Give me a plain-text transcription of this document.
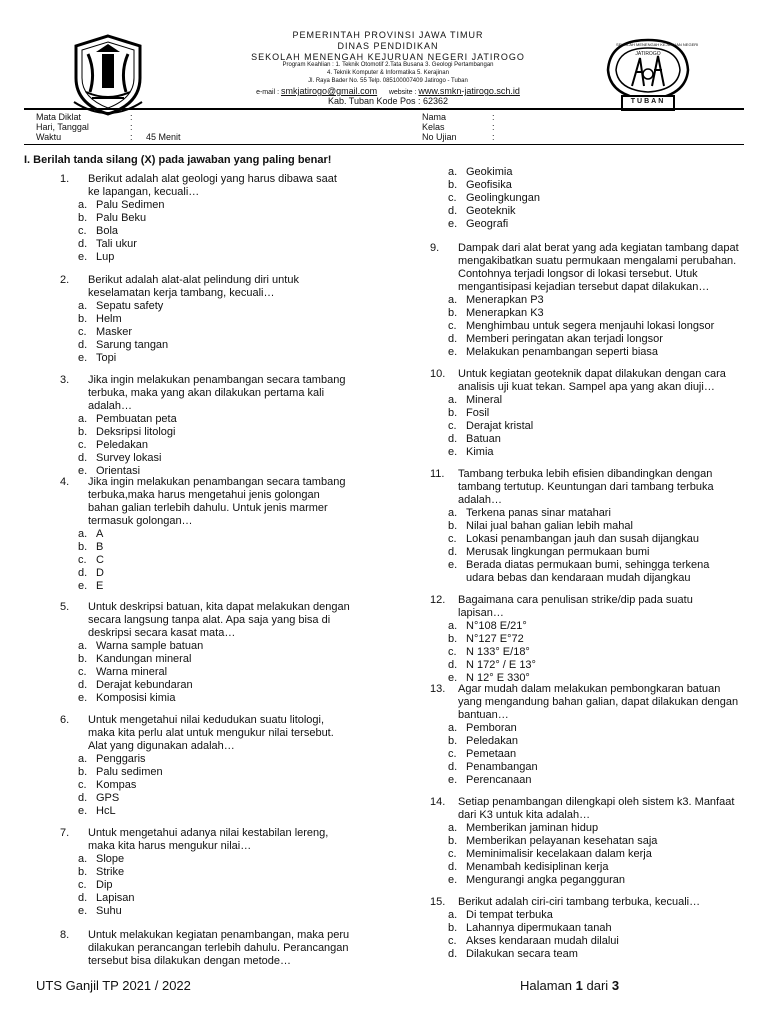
SEKOLAH MENENGAH KEJURUAN NEGERI
JATIROGO
TUBAN
PEMERINTAH PROVINSI JAWA TIMUR
DINAS PENDIDIKAN
SEKOLAH MENENGAH KEJURUAN NEGERI JATIROGO
Program Keahlian : 1. Teknik Otomotif 2.Tata Busana 3. Geologi Pertambangan
4. Teknik Komputer & Informatika 5. Kerajinan
Jl. Raya Bader No. 55 Telp. 085100007409 Jatirogo - Tuban
e-mail : smkjatirogo@gmail.com website : www.smkn-jatirogo.sch.id
Kab. Tuban Kode Pos : 62362
Mata Diklat	:
Hari, Tanggal	:
Waktu	: 45 Menit
Nama	:
Kelas	:
No Ujian	:
I. Berilah tanda silang (X) pada jawaban yang paling benar!
1. Berikut adalah alat geologi yang harus dibawa saat ke lapangan, kecuali…
a. Palu Sedimen
b. Palu Beku
c. Bola
d. Tali ukur
e. Lup
2. Berikut adalah alat-alat pelindung diri untuk keselamatan kerja tambang, kecuali…
a. Sepatu safety
b. Helm
c. Masker
d. Sarung tangan
e. Topi
3. Jika ingin melakukan penambangan secara tambang terbuka, maka yang akan dilakukan pertama kali adalah…
a. Pembuatan peta
b. Deksripsi litologi
c. Peledakan
d. Survey lokasi
e. Orientasi
4. Jika ingin melakukan penambangan secara tambang terbuka,maka harus mengetahui jenis golongan bahan galian terlebih dahulu. Untuk jenis marmer termasuk golongan…
a. A
b. B
c. C
d. D
e. E
5. Untuk deskripsi batuan, kita dapat melakukan dengan secara langsung tanpa alat. Apa saja yang bisa di deskripsi secara kasat mata…
a. Warna sample batuan
b. Kandungan mineral
c. Warna mineral
d. Derajat kebundaran
e. Komposisi kimia
6. Untuk mengetahui nilai kedudukan suatu litologi, maka kita perlu alat untuk mengukur nilai tersebut. Alat yang digunakan adalah…
a. Penggaris
b. Palu sedimen
c. Kompas
d. GPS
e. HcL
7. Untuk mengetahui adanya nilai kestabilan lereng, maka kita harus mengukur nilai…
a. Slope
b. Strike
c. Dip
d. Lapisan
e. Suhu
8. Untuk melakukan kegiatan penambangan, maka peru dilakukan perancangan terlebih dahulu. Perancangan tersebut bisa dilakukan dengan metode…
a. Geokimia
b. Geofisika
c. Geolingkungan
d. Geoteknik
e. Geografi
9. Dampak dari alat berat yang ada kegiatan tambang dapat mengakibatkan suatu permukaan mengalami perubahan. Contohnya terjadi longsor di lokasi tersebut. Utuk mengantisipasi kejadian tersebut dapat dilakukan…
a. Menerapkan P3
b. Menerapkan K3
c. Menghimbau untuk segera menjauhi lokasi longsor
d. Memberi peringatan akan terjadi longsor
e. Melakukan penambangan seperti biasa
10. Untuk kegiatan geoteknik dapat dilakukan dengan cara analisis uji kuat tekan. Sampel apa yang akan diuji…
a. Mineral
b. Fosil
c. Derajat kristal
d. Batuan
e. Kimia
11. Tambang terbuka lebih efisien dibandingkan dengan tambang tertutup. Keuntungan dari tambang terbuka adalah…
a. Terkena panas sinar matahari
b. Nilai jual bahan galian lebih mahal
c. Lokasi penambangan jauh dan susah dijangkau
d. Merusak lingkungan permukaan bumi
e. Berada diatas permukaan bumi, sehingga terkena udara bebas dan kendaraan mudah dijangkau
12. Bagaimana cara penulisan strike/dip pada suatu lapisan…
a. N°108 E/21°
b. N°127 E°72
c. N 133° E/18°
d. N 172° / E 13°
e. N 12° E 330°
13. Agar mudah dalam melakukan pembongkaran batuan yang mengandung bahan galian, dapat dilakukan dengan bantuan…
a. Pemboran
b. Peledakan
c. Pemetaan
d. Penambangan
e. Perencanaan
14. Setiap penambangan dilengkapi oleh sistem k3. Manfaat dari K3 untuk kita adalah…
a. Memberikan jaminan hidup
b. Memberikan pelayanan kesehatan saja
c. Meminimalisir kecelakaan dalam kerja
d. Menambah kedisiplinan kerja
e. Mengurangi angka pegangguran
15. Berikut adalah ciri-ciri tambang terbuka, kecuali…
a. Di tempat terbuka
b. Lahannya dipermukaan tanah
c. Akses kendaraan mudah dilalui
d. Dilakukan secara team
UTS Ganjil TP 2021 / 2022	Halaman 1 dari 3
